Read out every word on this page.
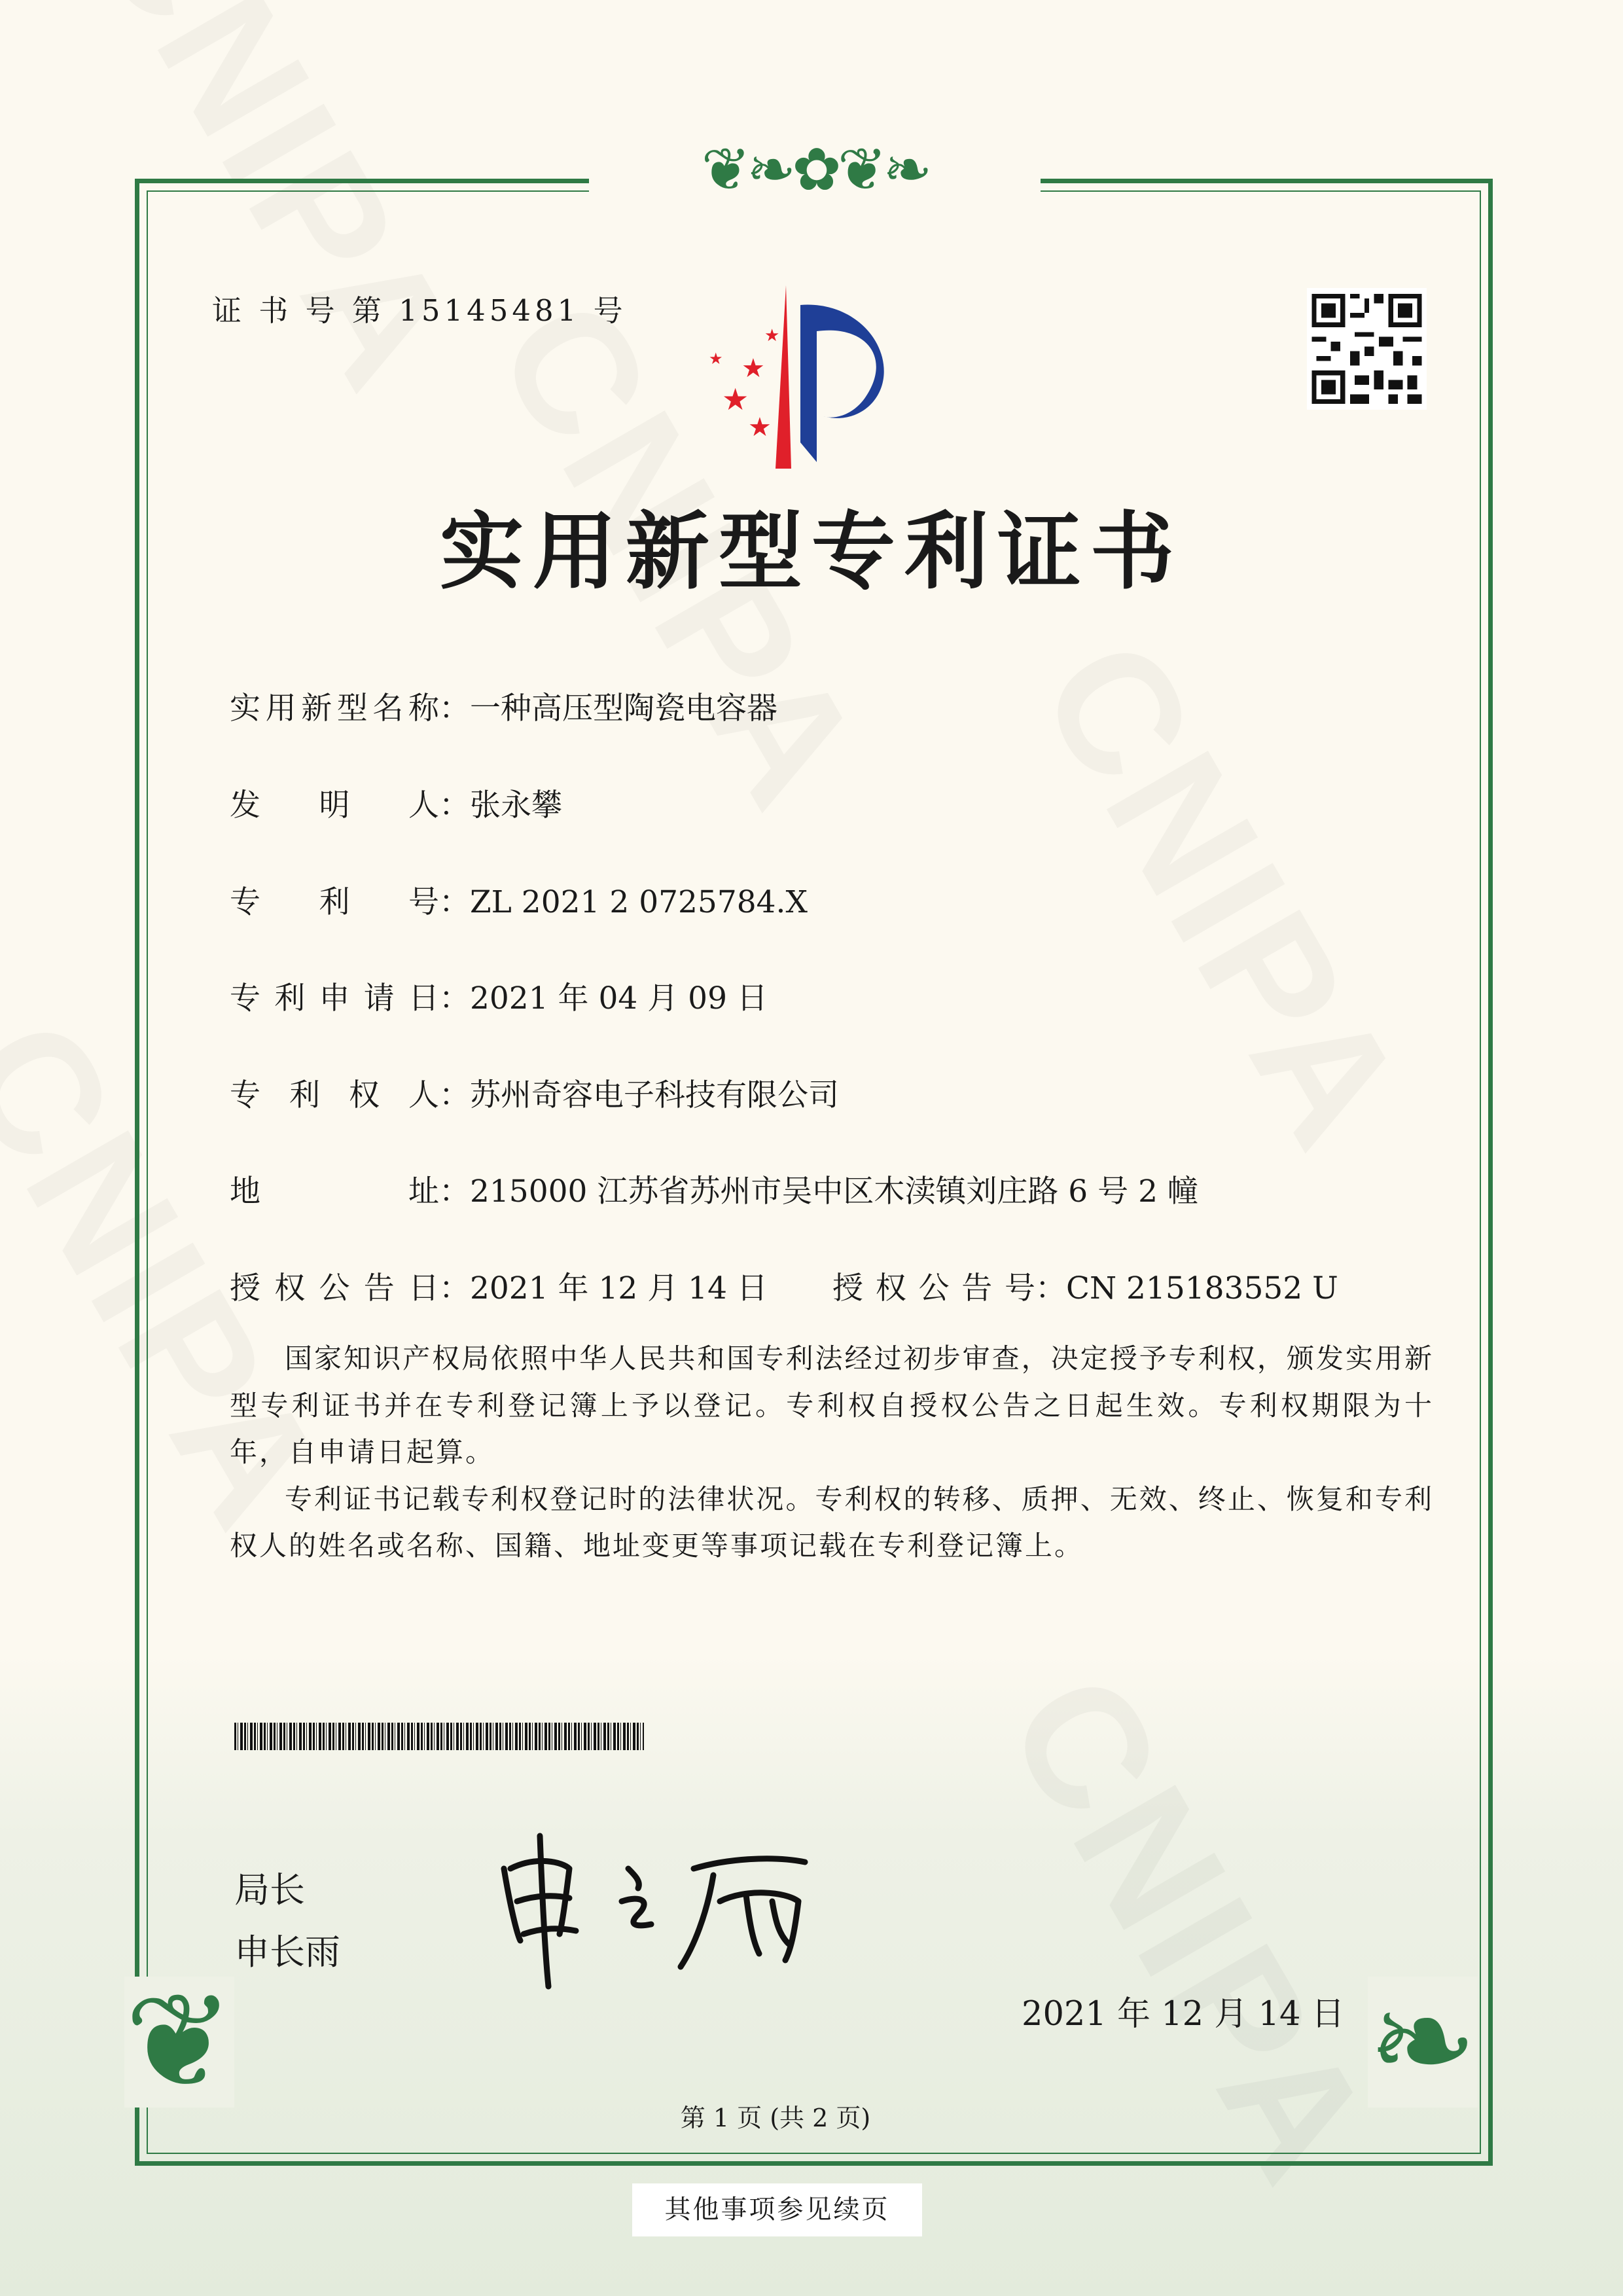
❦❧✿❦❧
❦	❧
证 书 号 第 15145481 号
★
★
★
★
★
实用新型专利证书
实用新型名称：一种高压型陶瓷电容器
发明人：张永攀
专利号：ZL 2021 2 0725784.X
专利申请日：2021 年 04 月 09 日
专利权人：苏州奇容电子科技有限公司
地址：215000 江苏省苏州市吴中区木渎镇刘庄路 6 号 2 幢
授权公告日：2021 年 12 月 14 日 授权公告号：CN 215183552 U

国家知识产权局依照中华人民共和国专利法经过初步审查，决定授予专利权，颁发实用新型专利证书并在专利登记簿上予以登记。专利权自授权公告之日起生效。专利权期限为十年，自申请日起算。

专利证书记载专利权登记时的法律状况。专利权的转移、质押、无效、终止、恢复和专利权人的姓名或名称、国籍、地址变更等事项记载在专利登记簿上。

局长
申长雨
2021 年 12 月 14 日
第 1 页 (共 2 页)
其他事项参见续页
